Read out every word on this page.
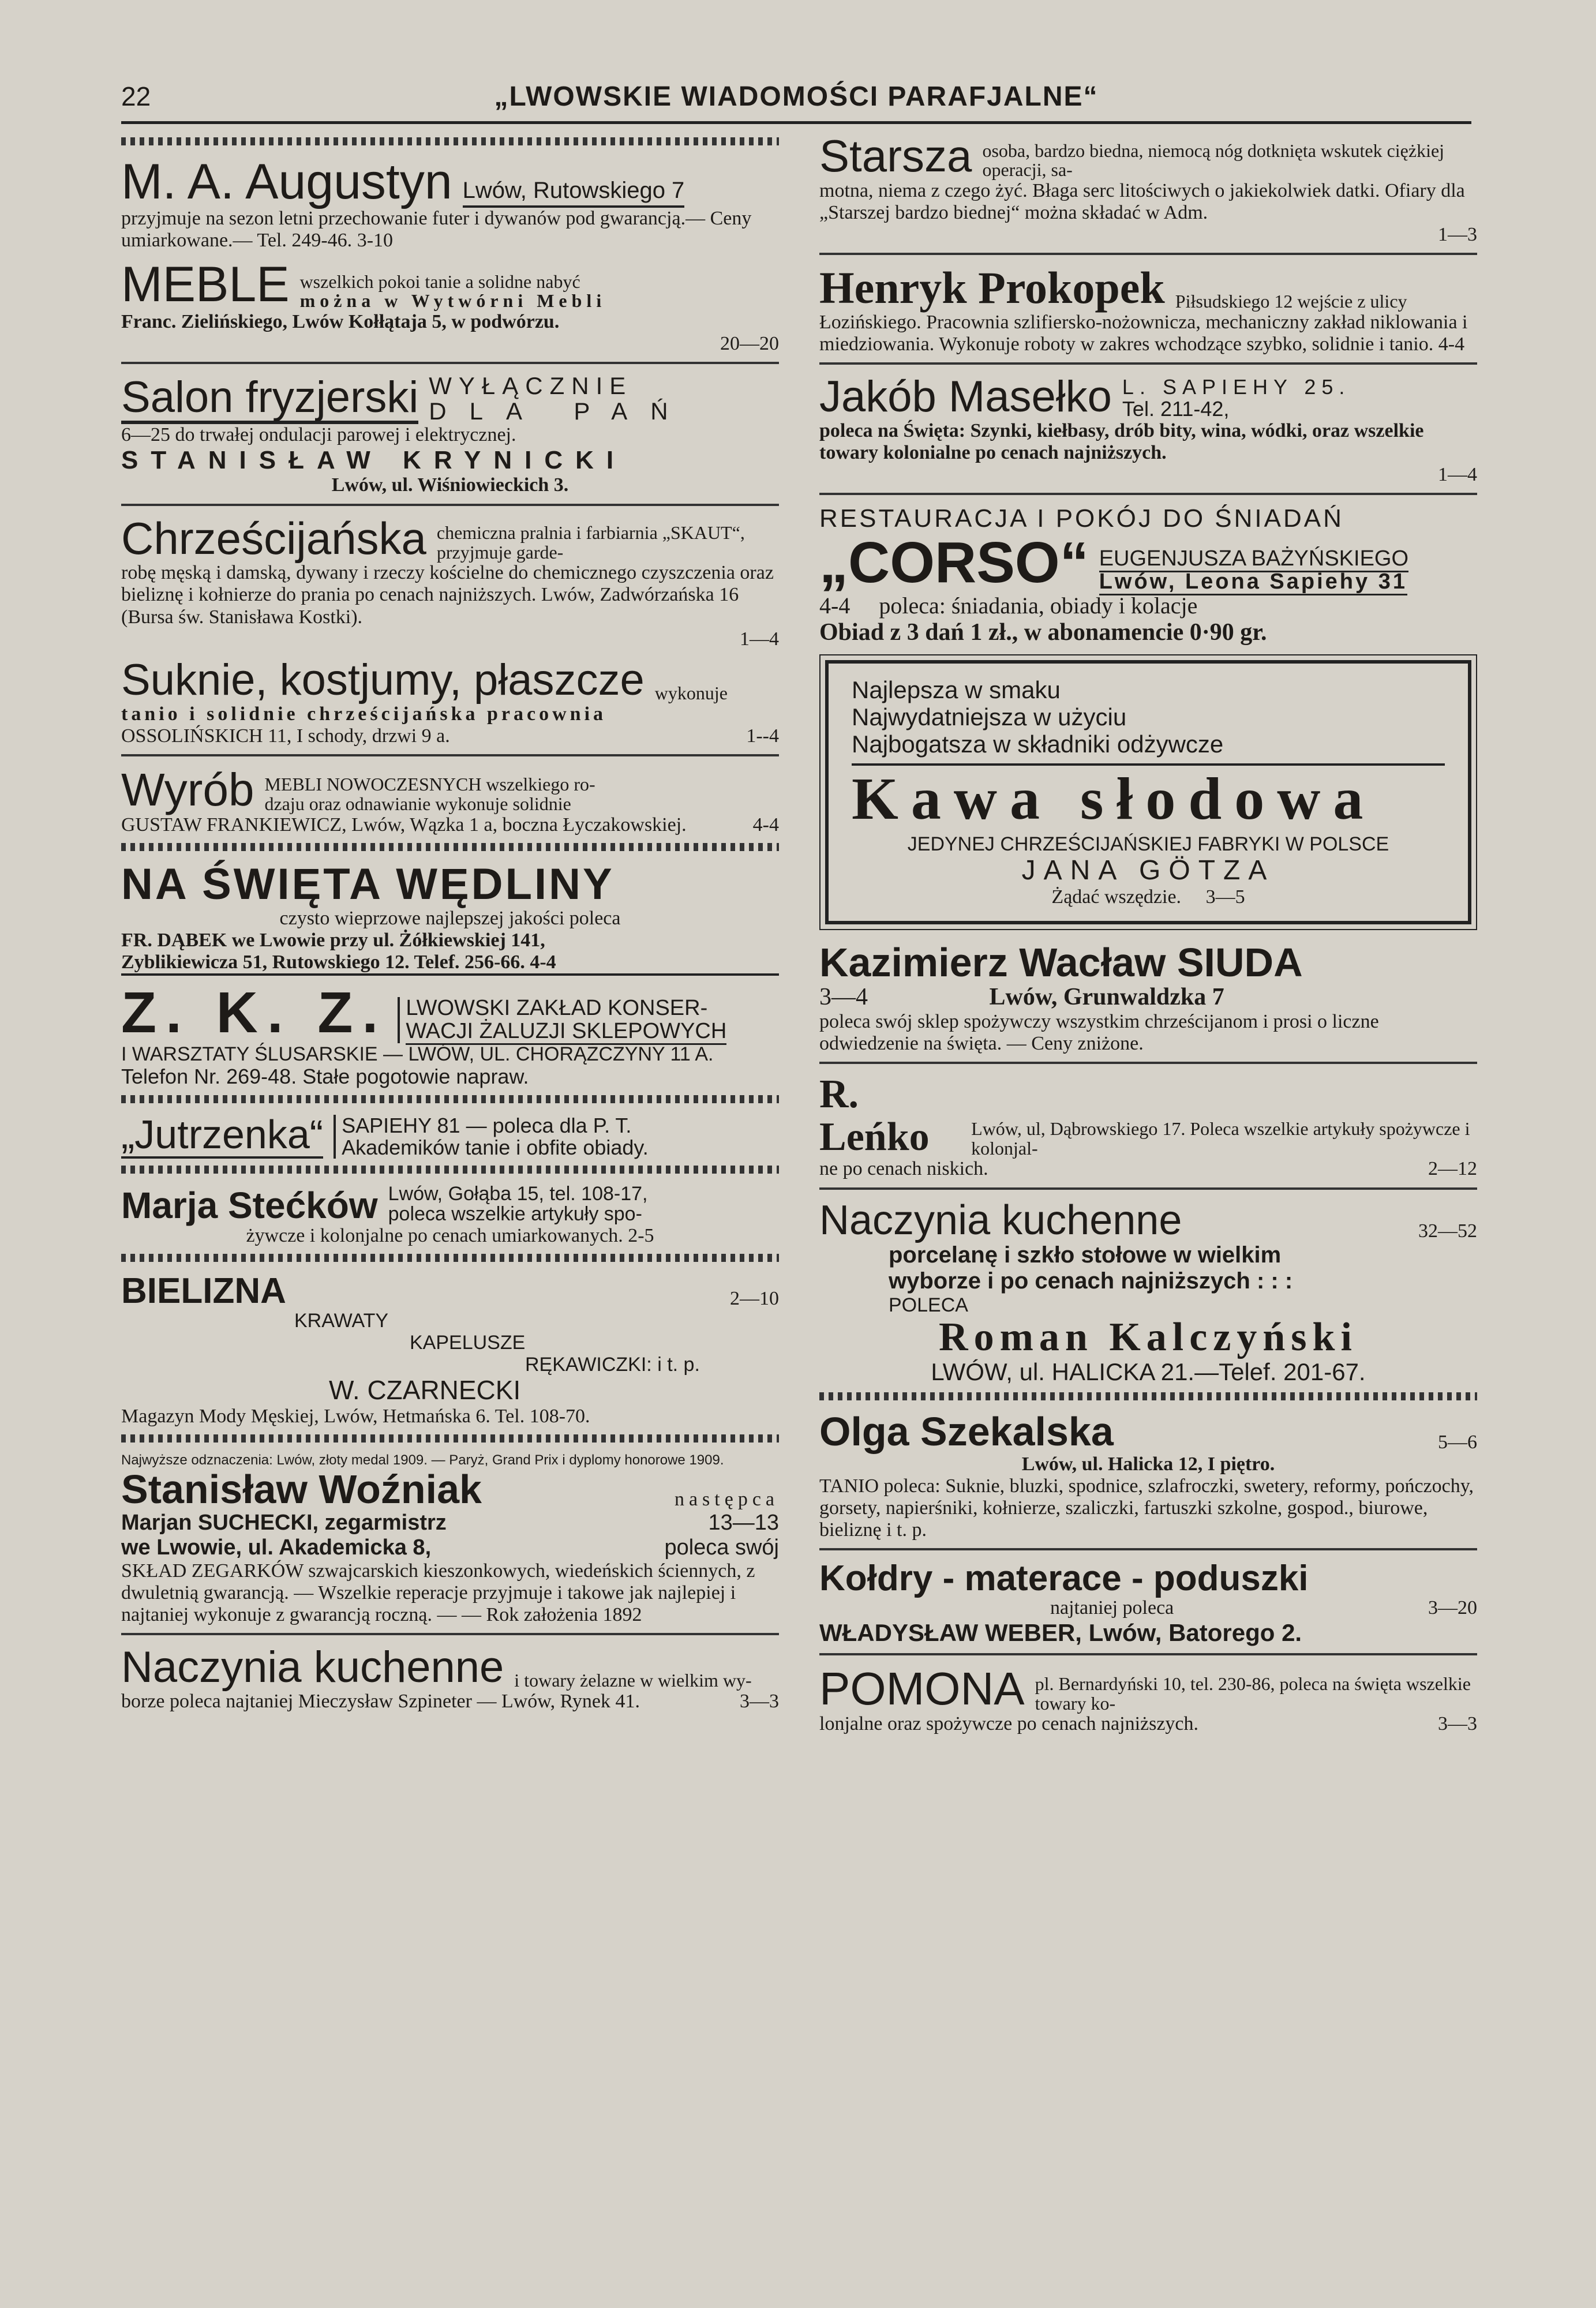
22	„LWOWSKIE WIADOMOŚCI PARAFJALNE“
M. A. Augustyn Lwów, Rutowskiego 7

przyjmuje na sezon letni przechowanie futer i dywanów pod gwarancją.— Ceny umiarkowane.— Tel. 249-46. 3-10

MEBLE wszelkich pokoi tanie a solidne nabyć
można w Wytwórni Mebli

Franc. Zielińskiego, Lwów Kołłątaja 5, w podwórzu.

20—20

Salon fryzjerski WYŁĄCZNIE
DLA PAŃ

6—25 do trwałej ondulacji parowej i elektrycznej.

STANISŁAW KRYNICKI

Lwów, ul. Wiśniowieckich 3.

Chrześcijańska chemiczna pralnia i farbiarnia „SKAUT“, przyjmuje garde-

robę męską i damską, dywany i rzeczy kościelne do chemicznego czyszczenia oraz bieliznę i kołnierze do prania po cenach najniższych. Lwów, Zadwórzańska 16 (Bursa św. Stanisława Kostki).

1—4

Suknie, kostjumy, płaszcze wykonuje

tanio i solidnie chrześcijańska pracownia

OSSOLIŃSKICH 11, I schody, drzwi 9 a.	1--4

Wyrób MEBLI NOWOCZESNYCH wszelkiego ro-
dzaju oraz odnawianie wykonuje solidnie

GUSTAW FRANKIEWICZ, Lwów, Wązka 1 a, boczna Łyczakowskiej.	4-4

NA ŚWIĘTA WĘDLINY

czysto wieprzowe najlepszej jakości poleca

FR. DĄBEK we Lwowie przy ul. Żółkiewskiej 141,

Zyblikiewicza 51, Rutowskiego 12. Telef. 256-66. 4-4

Z. K. Z. LWOWSKI ZAKŁAD KONSER-
WACJI ŻALUZJI SKLEPOWYCH

I WARSZTATY ŚLUSARSKIE — LWÓW, UL. CHORĄŻCZYNY 11 A.

Telefon Nr. 269-48. Stałe pogotowie napraw.

„Jutrzenka“ SAPIEHY 81 — poleca dla P. T.
Akademików tanie i obfite obiady.
Marja Stećków Lwów, Gołąba 15, tel. 108-17,
poleca wszelkie artykuły spo-

żywcze i kolonjalne po cenach umiarkowanych. 2-5

BIELIZNA	2—10

KRAWATY

KAPELUSZE

RĘKAWICZKI: i t. p.

W. CZARNECKI

Magazyn Mody Męskiej, Lwów, Hetmańska 6. Tel. 108-70.

Najwyższe odznaczenia: Lwów, złoty medal 1909. — Paryż, Grand Prix i dyplomy honorowe 1909.

Stanisław Woźniak	następca

Marjan SUCHECKI, zegarmistrz	13—13

we Lwowie, ul. Akademicka 8,	poleca swój

SKŁAD ZEGARKÓW szwajcarskich kieszonkowych, wiedeńskich ściennych, z dwuletnią gwarancją. — Wszelkie reperacje przyjmuje i takowe jak najlepiej i najtaniej wykonuje z gwarancją roczną. — — Rok założenia 1892

Naczynia kuchenne i towary żelazne w wielkim wy-

borze poleca najtaniej Mieczysław Szpineter — Lwów, Rynek 41.	3—3

Starsza osoba, bardzo biedna, niemocą nóg dotknięta wskutek ciężkiej operacji, sa-

motna, niema z czego żyć. Błaga serc litościwych o jakiekolwiek datki. Ofiary dla „Starszej bardzo biednej“ można składać w Adm.

1—3

Henryk Prokopek Piłsudskiego 12 wejście z ulicy

Łozińskiego. Pracownia szlifiersko-nożownicza, mechaniczny zakład niklowania i miedziowania. Wykonuje roboty w zakres wchodzące szybko, solidnie i tanio. 4-4

Jakób Masełko L. SAPIEHY 25.
Tel. 211-42,

poleca na Święta: Szynki, kiełbasy, drób bity, wina, wódki, oraz wszelkie towary kolonialne po cenach najniższych.

1—4

RESTAURACJA I POKÓJ DO ŚNIADAŃ

„CORSO“ EUGENJUSZA BAŻYŃSKIEGO
Lwów, Leona Sapiehy 31

4-4 poleca: śniadania, obiady i kolacje

Obiad z 3 dań 1 zł., w abonamencie 0·90 gr.

Najlepsza w smaku

Najwydatniejsza w użyciu

Najbogatsza w składniki odżywcze

Kawa słodowa

JEDYNEJ CHRZEŚCIJAŃSKIEJ FABRYKI W POLSCE

JANA GÖTZA

Żądać wszędzie. 3—5

Kazimierz Wacław SIUDA

3—4	Lwów, Grunwaldzka 7

poleca swój sklep spożywczy wszystkim chrześcijanom i prosi o liczne odwiedzenie na święta. — Ceny zniżone.

R. Leńko	Lwów, ul, Dąbrowskiego 17. Poleca wszelkie artykuły spożywcze i kolonjal-

ne po cenach niskich.	2—12

Naczynia kuchenne	32—52

porcelanę i szkło stołowe w wielkim

wyborze i po cenach najniższych : : :

POLECA

Roman Kalczyński

LWÓW, ul. HALICKA 21.—Telef. 201-67.

Olga Szekalska	5—6

Lwów, ul. Halicka 12, I piętro.

TANIO poleca: Suknie, bluzki, spodnice, szlafroczki, swetery, reformy, pończochy, gorsety, napierśniki, kołnierze, szaliczki, fartuszki szkolne, gospod., biurowe, bieliznę i t. p.

Kołdry - materace - poduszki

najtaniej poleca	3—20

WŁADYSŁAW WEBER, Lwów, Batorego 2.

POMONA pl. Bernardyński 10, tel. 230-86, poleca na święta wszelkie towary ko-

lonjalne oraz spożywcze po cenach najniższych.	3—3
